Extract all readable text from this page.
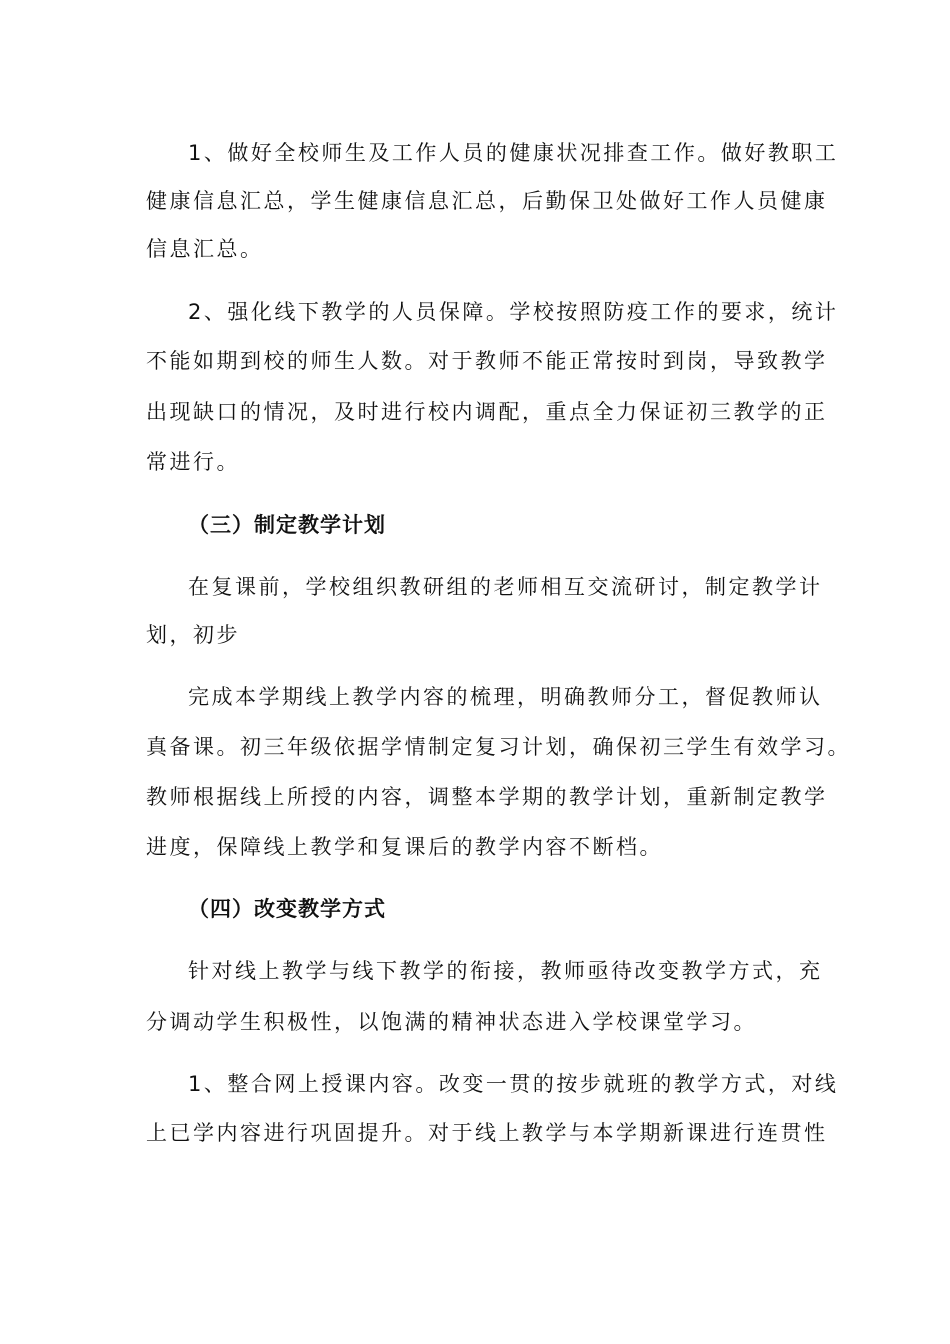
1、做好全校师生及工作人员的健康状况排查工作。做好教职工
健康信息汇总，学生健康信息汇总，后勤保卫处做好工作人员健康
信息汇总。
2、强化线下教学的人员保障。学校按照防疫工作的要求，统计
不能如期到校的师生人数。对于教师不能正常按时到岗，导致教学
出现缺口的情况，及时进行校内调配，重点全力保证初三教学的正
常进行。
（三）制定教学计划
在复课前，学校组织教研组的老师相互交流研讨，制定教学计
划，初步
完成本学期线上教学内容的梳理，明确教师分工，督促教师认
真备课。初三年级依据学情制定复习计划，确保初三学生有效学习。
教师根据线上所授的内容，调整本学期的教学计划，重新制定教学
进度，保障线上教学和复课后的教学内容不断档。
（四）改变教学方式
针对线上教学与线下教学的衔接，教师亟待改变教学方式，充
分调动学生积极性，以饱满的精神状态进入学校课堂学习。
1、整合网上授课内容。改变一贯的按步就班的教学方式，对线
上已学内容进行巩固提升。对于线上教学与本学期新课进行连贯性
